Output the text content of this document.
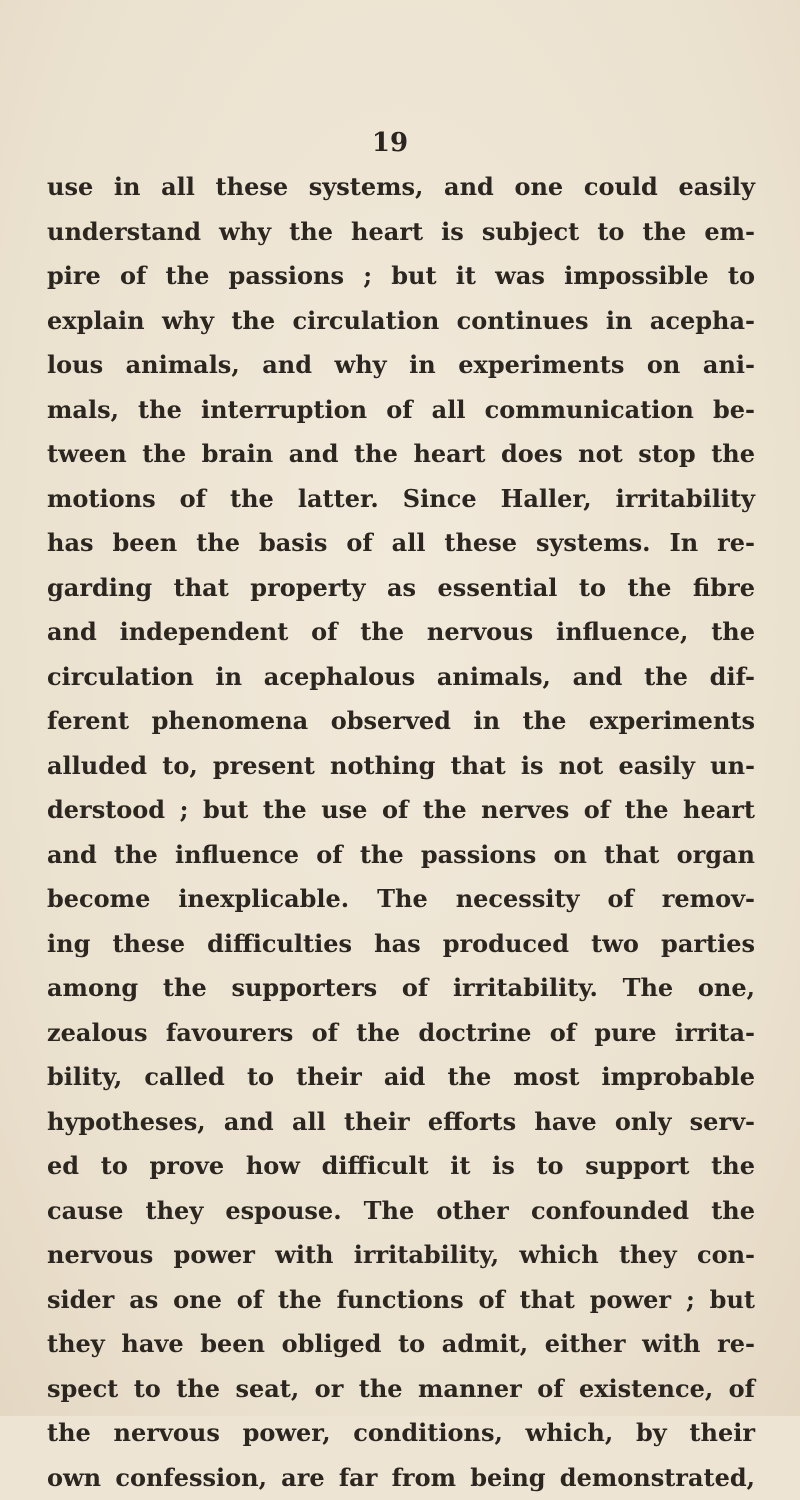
19
use in all these systems, and one could easily
understand why the heart is subject to the em-
pire of the passions ; but it was impossible to
explain why the circulation continues in acepha-
lous animals, and why in experiments on ani-
mals, the interruption of all communication be-
tween the brain and the heart does not stop the
motions of the latter. Since Haller, irritability
has been the basis of all these systems. In re-
garding that property as essential to the fibre
and independent of the nervous influence, the
circulation in acephalous animals, and the dif-
ferent phenomena observed in the experiments
alluded to, present nothing that is not easily un-
derstood ; but the use of the nerves of the heart
and the influence of the passions on that organ
become inexplicable. The necessity of remov-
ing these difficulties has produced two parties
among the supporters of irritability. The one,
zealous favourers of the doctrine of pure irrita-
bility, called to their aid the most improbable
hypotheses, and all their efforts have only serv-
ed to prove how difficult it is to support the
cause they espouse. The other confounded the
nervous power with irritability, which they con-
sider as one of the functions of that power ; but
they have been obliged to admit, either with re-
spect to the seat, or the manner of existence, of
the nervous power, conditions, which, by their
own confession, are far from being demonstrated,
